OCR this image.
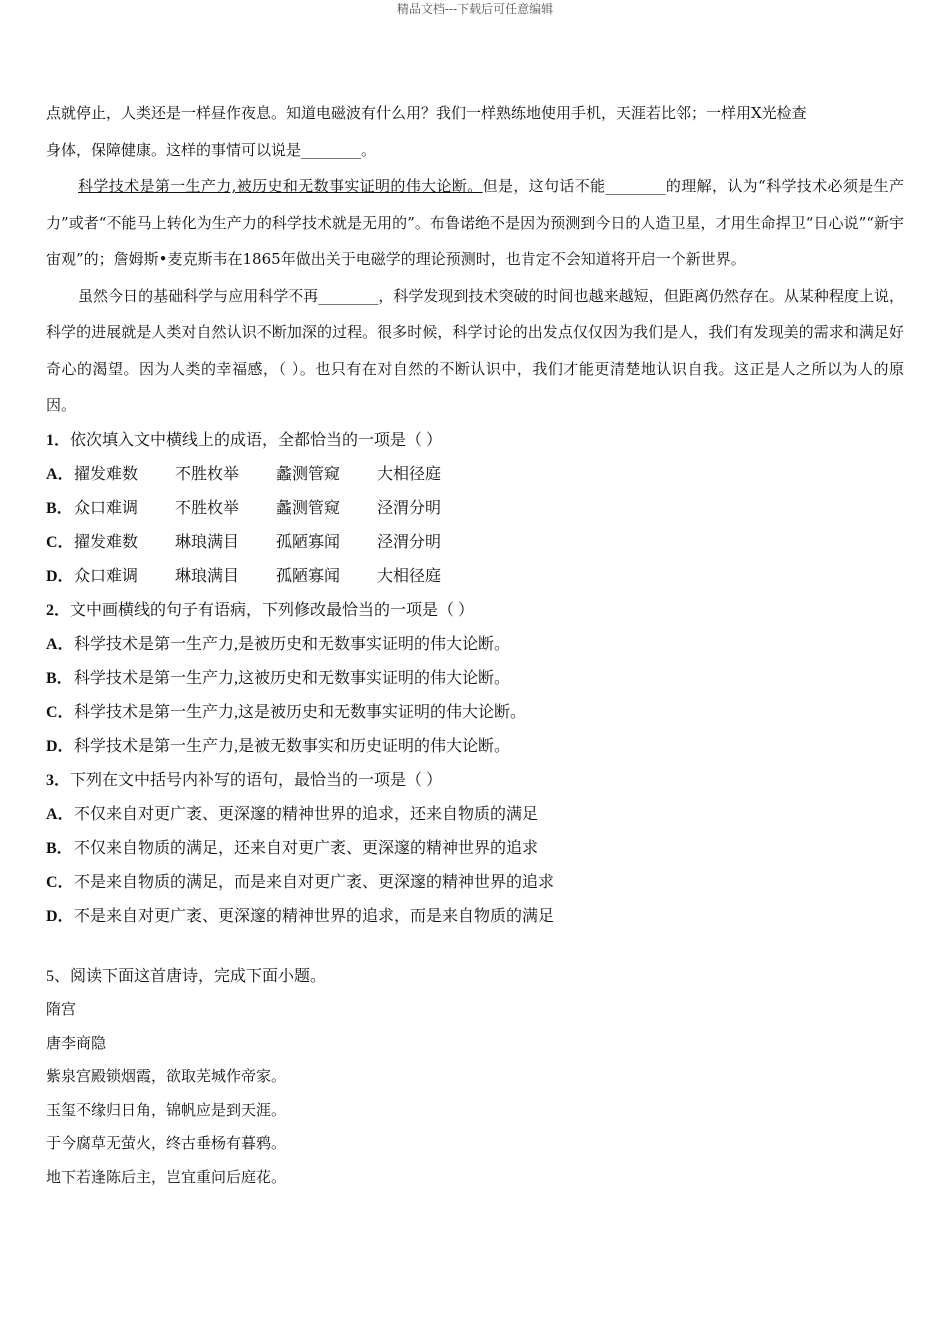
精品文档---下载后可任意编辑

点就停止，人类还是一样昼作夜息。知道电磁波有什么用？我们一样熟练地使用手机，天涯若比邻；一样用X光检查
身体，保障健康。这样的事情可以说是________。

科学技术是第一生产力,被历史和无数事实证明的伟大论断。但是，这句话不能________的理解，认为“科学技术必须是生产力”或者“不能马上转化为生产力的科学技术就是无用的”。布鲁诺绝不是因为预测到今日的人造卫星，才用生命捍卫“日心说”“新宇宙观”的；詹姆斯•麦克斯韦在1865年做出关于电磁学的理论预测时，也肯定不会知道将开启一个新世界。

虽然今日的基础科学与应用科学不再________，科学发现到技术突破的时间也越来越短，但距离仍然存在。从某种程度上说，科学的进展就是人类对自然认识不断加深的过程。很多时候，科学讨论的出发点仅仅因为我们是人，我们有发现美的需求和满足好奇心的渴望。因为人类的幸福感，（ ）。也只有在对自然的不断认识中，我们才能更清楚地认识自我。这正是人之所以为人的原因。

1．依次填入文中横线上的成语，全都恰当的一项是（ ）

A． 擢发难数	不胜枚举	蠡测管窥	大相径庭
B． 众口难调	不胜枚举	蠡测管窥	泾渭分明
C． 擢发难数	琳琅满目	孤陋寡闻	泾渭分明
D． 众口难调	琳琅满目	孤陋寡闻	大相径庭

2．文中画横线的句子有语病，下列修改最恰当的一项是（ ）

A． 科学技术是第一生产力,是被历史和无数事实证明的伟大论断。
B． 科学技术是第一生产力,这被历史和无数事实证明的伟大论断。
C． 科学技术是第一生产力,这是被历史和无数事实证明的伟大论断。
D． 科学技术是第一生产力,是被无数事实和历史证明的伟大论断。

3．下列在文中括号内补写的语句，最恰当的一项是（ ）

A． 不仅来自对更广袤、更深邃的精神世界的追求，还来自物质的满足
B． 不仅来自物质的满足，还来自对更广袤、更深邃的精神世界的追求
C． 不是来自物质的满足，而是来自对更广袤、更深邃的精神世界的追求
D． 不是来自对更广袤、更深邃的精神世界的追求，而是来自物质的满足

5、阅读下面这首唐诗，完成下面小题。

隋宫

唐李商隐

紫泉宫殿锁烟霞，欲取芜城作帝家。

玉玺不缘归日角，锦帆应是到天涯。

于今腐草无萤火，终古垂杨有暮鸦。

地下若逢陈后主，岂宜重问后庭花。
